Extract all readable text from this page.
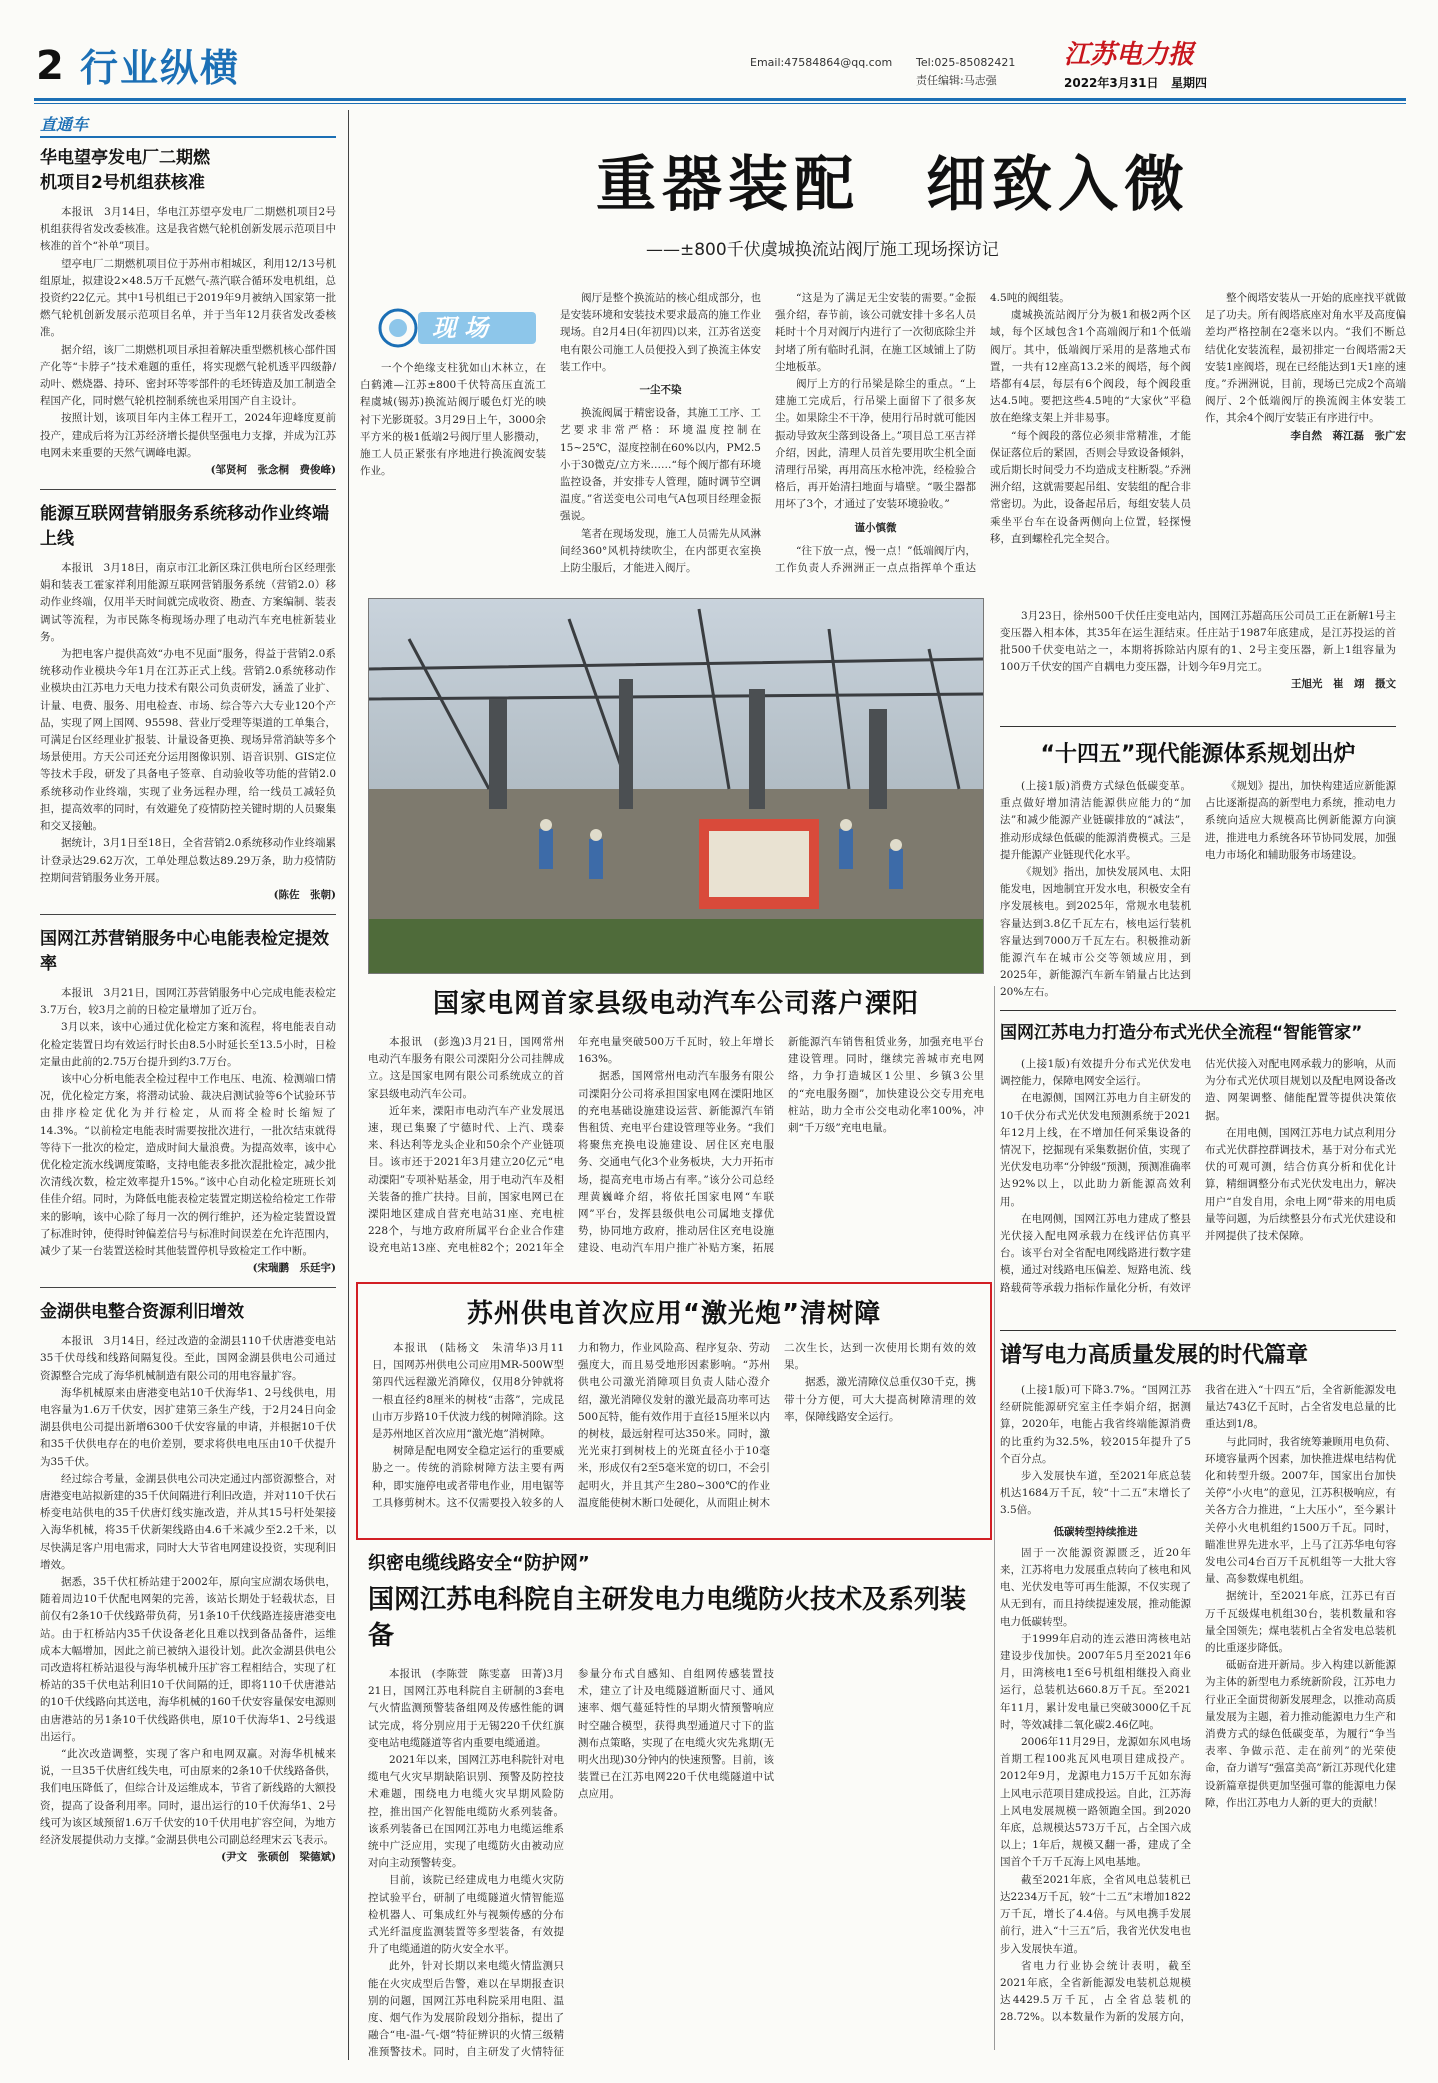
2 行业纵横	Email:47584864@qq.com Tel:025-85082421
责任编辑:马志强
江苏电力报
2022年3月31日 星期四
直通车
华电望亭发电厂二期燃机项目2号机组获核准

本报讯　3月14日，华电江苏望亭发电厂二期燃机项目2号机组获得省发改委核准。这是我省燃气轮机创新发展示范项目中核准的首个“补单”项目。

望亭电厂二期燃机项目位于苏州市相城区，利用12/13号机组原址，拟建设2×48.5万千瓦燃气-蒸汽联合循环发电机组，总投资约22亿元。其中1号机组已于2019年9月被纳入国家第一批燃气轮机创新发展示范项目名单，并于当年12月获省发改委核准。

据介绍，该厂二期燃机项目承担着解决重型燃机核心部件国产化等“卡脖子”技术难题的重任，将实现燃气轮机透平四级静/动叶、燃烧器、持环、密封环等零部件的毛坯铸造及加工制造全程国产化，同时燃气轮机控制系统也采用国产自主设计。

按照计划，该项目年内主体工程开工，2024年迎峰度夏前投产，建成后将为江苏经济增长提供坚强电力支撑，并成为江苏电网未来重要的天然气调峰电源。

(邹贤柯　张念桐　费俊峰)
能源互联网营销服务系统移动作业终端上线

本报讯　3月18日，南京市江北新区珠江供电所台区经理张娟和装表工霍家祥利用能源互联网营销服务系统（营销2.0）移动作业终端，仅用半天时间就完成收资、勘查、方案编制、装表调试等流程，为市民陈冬梅现场办理了电动汽车充电桩新装业务。

为把电客户提供高效“办电不见面”服务，得益于营销2.0系统移动作业模块今年1月在江苏正式上线。营销2.0系统移动作业模块由江苏电力天电力技术有限公司负责研发，涵盖了业扩、计量、电费、服务、用电检查、市场、综合等六大专业120个产品，实现了网上国网、95598、营业厅受理等渠道的工单集合，可满足台区经理业扩报装、计量设备更换、现场异常消缺等多个场景使用。方天公司还充分运用图像识别、语音识别、GIS定位等技术手段，研发了具备电子签章、自动验收等功能的营销2.0系统移动作业终端，实现了业务远程办理，给一线员工减轻负担，提高效率的同时，有效避免了疫情防控关键时期的人员聚集和交叉接触。

据统计，3月1日至18日，全省营销2.0系统移动作业终端累计登录达29.62万次，工单处理总数达89.29万条，助力疫情防控期间营销服务业务开展。

(陈佐　张朝)
国网江苏营销服务中心电能表检定提效率

本报讯　3月21日，国网江苏营销服务中心完成电能表检定3.7万台，较3月之前的日检定量增加了近万台。

3月以来，该中心通过优化检定方案和流程，将电能表自动化检定装置日均有效运行时长由8.5小时延长至13.5小时，日检定量由此前的2.75万台提升到约3.7万台。

该中心分析电能表全检过程中工作电压、电流、检测端口情况，优化检定方案，将潜动试验、裁决启测试验等6个试验环节由排序检定优化为并行检定，从而将全检时长缩短了14.3%。“以前检定电能表时需要按批次进行，一批次结束就得等待下一批次的检定，造成时间大量浪费。为提高效率，该中心优化检定流水线调度策略，支持电能表多批次混批检定，减少批次清线次数，检定效率提升15%。”该中心自动化检定班班长刘佳佳介绍。同时，为降低电能表检定装置定期送检给检定工作带来的影响，该中心除了每月一次的例行维护，还为检定装置设置了标准时钟，使得时钟偏差信号与标准时间误差在允许范围内，减少了某一台装置送检时其他装置停机导致检定工作中断。

(宋瑞鹏　乐廷宇)
金湖供电整合资源利旧增效

本报讯　3月14日，经过改造的金湖县110千伏唐港变电站35千伏母线和线路间隔复役。至此，国网金湖县供电公司通过资源整合完成了海华机械制造有限公司的用电容量扩容。

海华机械原来由唐港变电站10千伏海华1、2号线供电，用电容量为1.6万千伏安，因扩建第三条生产线，于2月24日向金湖县供电公司提出新增6300千伏安容量的申请，并根据10千伏和35千伏供电存在的电价差别，要求将供电电压由10千伏提升为35千伏。

经过综合考量，金湖县供电公司决定通过内部资源整合，对唐港变电站拟新建的35千伏间隔进行利旧改造，并对110千伏石桥变电站供电的35千伏唐灯线实施改造，并从其15号杆处架接入海华机械，将35千伏新架线路由4.6千米减少至2.2千米，以尽快满足客户用电需求，同时大大节省电网建设投资，实现利旧增效。

据悉，35千伏杠桥站建于2002年，原向宝应湖农场供电，随着周边10千伏配电网架的完善，该站长期处于轻载状态，目前仅有2条10千伏线路带负荷，另1条10千伏线路连接唐港变电站。由于杠桥站内35千伏设备老化且难以找到备品备件，运维成本大幅增加，因此之前已被纳入退役计划。此次金湖县供电公司改造将杠桥站退役与海华机械升压扩容工程相结合，实现了杠桥站的35千伏电站利旧10千伏间隔的迁，即将110千伏唐港站的10千伏线路向其送电，海华机械的160千伏安容量保安电源则由唐港站的另1条10千伏线路供电，原10千伏海华1、2号线退出运行。

“此次改造调整，实现了客户和电网双赢。对海华机械来说，一旦35千伏唐红线失电，可由原来的2条10千伏线路备供，我们电压降低了，但综合计及运维成本，节省了新线路的大额投资，提高了设备利用率。同时，退出运行的10千伏海华1、2号线可为该区域预留1.6万千伏安的10千伏用电扩容空间，为地方经济发展提供动力支撑。”金湖县供电公司副总经理宋云飞表示。

(尹文　张硕创　梁德斌)
重器装配　细致入微
——±800千伏虞城换流站阀厅施工现场探访记
现场
一个个绝缘支柱犹如山木林立，在白鹤滩—江苏±800千伏特高压直流工程虞城(锡苏)换流站阀厅暖色灯光的映衬下光影斑驳。3月29日上午，3000余平方米的极1低端2号阀厅里人影攒动，施工人员正紧张有序地进行换流阀安装作业。

阀厅是整个换流站的核心组成部分，也是安装环境和安装技术要求最高的施工作业现场。自2月4日(年初四)以来，江苏省送变电有限公司施工人员便投入到了换流主体安装工作中。

一尘不染

换流阀属于精密设备，其施工工序、工艺要求非常严格：环境温度控制在15~25℃，湿度控制在60%以内，PM2.5小于30微克/立方米……“每个阀厅都有环境监控设备，并安排专人管理，随时调节空调温度。”省送变电公司电气A包项目经理金振强说。

笔者在现场发现，施工人员需先从风淋间经360°风机持续吹尘，在内部更衣室换上防尘服后，才能进入阀厅。

“这是为了满足无尘安装的需要。”金振强介绍，春节前，该公司就安排十多名人员耗时十个月对阀厅内进行了一次彻底除尘并封堵了所有临时孔洞，在施工区域铺上了防尘地板革。

阀厅上方的行吊梁是除尘的重点。“上建施工完成后，行吊梁上面留下了很多灰尘。如果除尘不干净，使用行吊时就可能因振动导致灰尘落到设备上。”项目总工巫吉祥介绍，因此，清理人员首先要用吹尘机全面清理行吊梁，再用高压水枪冲洗，经检验合格后，再开始清扫地面与墙壁。“吸尘器都用坏了3个，才通过了安装环境验收。”

谨小慎微

“往下放一点，慢一点！”低端阀厅内，工作负责人乔洲洲正一点点指挥单个重达4.5吨的阀组装。

虞城换流站阀厅分为极1和极2两个区域，每个区域包含1个高端阀厅和1个低端阀厅。其中，低端阀厅采用的是落地式布置，一共有12座高13.2米的阀塔，每个阀塔都有4层，每层有6个阀段，每个阀段重达4.5吨。要把这些4.5吨的“大家伙”平稳放在绝缘支架上并非易事。

“每个阀段的落位必须非常精准，才能保证落位后的紧固，否则会导致设备倾斜，或后期长时间受力不均造成支柱断裂。”乔洲洲介绍，这就需要起吊组、安装组的配合非常密切。为此，设备起吊后，每组安装人员乘坐平台车在设备两侧向上位置，轻探慢移，直到螺栓孔完全契合。

整个阀塔安装从一开始的底座找平就做足了功夫。所有阀塔底座对角水平及高度偏差均严格控制在2毫米以内。“我们不断总结优化安装流程，最初排定一台阀塔需2天安装1座阀塔，现在已经能达到1天1座的速度。”乔洲洲说，目前，现场已完成2个高端阀厅、2个低端阀厅的换流阀主体安装工作，其余4个阀厅安装正有序进行中。

李自然　蒋江磊　张广宏

3月23日，徐州500千伏任庄变电站内，国网江苏超高压公司员工正在新解1号主变压器入相本体，其35年在运生涯结束。任庄站于1987年底建成，是江苏投运的首批500千伏变电站之一，本期将拆除站内原有的1、2号主变压器，新上1组容量为100万千伏安的国产自耦电力变压器，计划今年9月完工。
王旭光　崔　翊　摄文
“十四五”现代能源体系规划出炉

(上接1版)消费方式绿色低碳变革。重点做好增加清洁能源供应能力的“加法”和减少能源产业链碳排放的“减法”，推动形成绿色低碳的能源消费模式。三是提升能源产业链现代化水平。

《规划》指出，加快发展风电、太阳能发电，因地制宜开发水电，积极安全有序发展核电。到2025年，常规水电装机容量达到3.8亿千瓦左右，核电运行装机容量达到7000万千瓦左右。积极推动新能源汽车在城市公交等领域应用，到2025年，新能源汽车新车销量占比达到20%左右。

《规划》提出，加快构建适应新能源占比逐渐提高的新型电力系统，推动电力系统向适应大规模高比例新能源方向演进，推进电力系统各环节协同发展，加强电力市场化和辅助服务市场建设。

国家电网首家县级电动汽车公司落户溧阳

本报讯　(彭逸)3月21日，国网常州电动汽车服务有限公司溧阳分公司挂牌成立。这是国家电网有限公司系统成立的首家县级电动汽车公司。

近年来，溧阳市电动汽车产业发展迅速，现已集聚了宁德时代、上汽、璞泰来、科达利等龙头企业和50余个产业链项目。该市还于2021年3月建立20亿元“电动溧阳”专项补贴基金，用于电动汽车及相关装备的推广扶持。目前，国家电网已在溧阳地区建成自营充电站31座、充电桩228个，与地方政府所属平台企业合作建设充电站13座、充电桩82个；2021年全年充电量突破500万千瓦时，较上年增长163%。

据悉，国网常州电动汽车服务有限公司溧阳分公司将承担国家电网在溧阳地区的充电基础设施建设运营、新能源汽车销售租赁、充电平台建设管理等业务。“我们将聚焦充换电设施建设、居住区充电服务、交通电气化3个业务板块，大力开拓市场，提高充电市场占有率。”该分公司总经理黄巍峰介绍，将依托国家电网“车联网”平台，发挥县级供电公司属地支撑优势，协同地方政府，推动居住区充电设施建设、电动汽车用户推广补贴方案，拓展新能源汽车销售租赁业务，加强充电平台建设管理。同时，继续完善城市充电网络，力争打造城区1公里、乡镇3公里的“充电服务圈”，加快建设公交专用充电桩站，助力全市公交电动化率100%，冲刺“千万级”充电电量。

国网江苏电力打造分布式光伏全流程“智能管家”

(上接1版)有效提升分布式光伏发电调控能力，保障电网安全运行。

在电源侧，国网江苏电力自主研发的10千伏分布式光伏发电预测系统于2021年12月上线，在不增加任何采集设备的情况下，挖掘现有采集数据价值，实现了光伏发电功率“分钟级”预测，预测准确率达92%以上，以此助力新能源高效利用。

在电网侧，国网江苏电力建成了整县光伏接入配电网承载力在线评估仿真平台。该平台对全省配电网线路进行数字建模，通过对线路电压偏差、短路电流、线路载荷等承载力指标作量化分析，有效评估光伏接入对配电网承载力的影响，从而为分布式光伏项目规划以及配电网设备改造、网架调整、储能配置等提供决策依据。

在用电侧，国网江苏电力试点利用分布式光伏群控群调技术，基于对分布式光伏的可观可测，结合仿真分析和优化计算，精细调整分布式光伏发电出力，解决用户“自发自用，余电上网”带来的用电质量等问题，为后续整县分布式光伏建设和并网提供了技术保障。

苏州供电首次应用“激光炮”清树障

本报讯　(陆杨文　朱清华)3月11日，国网苏州供电公司应用MR-500W型第四代远程激光消障仪，仅用8分钟就将一根直径约8厘米的树枝“击落”，完成昆山市万步路10千伏波力线的树障消除。这是苏州地区首次应用“激光炮”消树障。

树障是配电网安全稳定运行的重要威胁之一。传统的消除树障方法主要有两种，即实施停电或者带电作业，用电锯等工具修剪树木。这不仅需要投入较多的人力和物力，作业风险高、程序复杂、劳动强度大，而且易受地形因素影响。“苏州供电公司激光消障项目负责人陆心澄介绍，激光消障仪发射的激光最高功率可达500瓦特，能有效作用于直径15厘米以内的树枝，最远射程可达350米。同时，激光光束打到树枝上的光斑直径小于10毫米，形成仅有2至5毫米宽的切口，不会引起明火，并且其产生280~300℃的作业温度能使树木断口处硬化，从而阻止树木二次生长，达到一次使用长期有效的效果。

据悉，激光清障仪总重仅30千克，携带十分方便，可大大提高树障清理的效率，保障线路安全运行。

谱写电力高质量发展的时代篇章

(上接1版)可下降3.7%。“国网江苏经研院能源研究室主任李娟介绍，据测算，2020年，电能占我省终端能源消费的比重约为32.5%，较2015年提升了5个百分点。

步入发展快车道，至2021年底总装机达1684万千瓦，较“十二五”末增长了3.5倍。

低碳转型持续推进

固于一次能源资源匮乏，近20年来，江苏将电力发展重点转向了核电和风电、光伏发电等可再生能源，不仅实现了从无到有，而且持续提速发展，推动能源电力低碳转型。

于1999年启动的连云港田湾核电站建设步伐加快。2007年5月至2021年6月，田湾核电1至6号机组相继投入商业运行，总装机达660.8万千瓦。至2021年11月，累计发电量已突破3000亿千瓦时，等效减排二氧化碳2.46亿吨。

2006年11月29日，龙源如东风电场首期工程100兆瓦风电项目建成投产。2012年9月，龙源电力15万千瓦如东海上风电示范项目建成投运。自此，江苏海上风电发展规模一路领跑全国。到2020年底，总规模达573万千瓦，占全国六成以上；1年后，规模又翻一番，建成了全国首个千万千瓦海上风电基地。

截至2021年底，全省风电总装机已达2234万千瓦，较“十二五”末增加1822万千瓦，增长了4.4倍。与风电携手发展前行，进入“十三五”后，我省光伏发电也步入发展快车道。

省电力行业协会统计表明，截至2021年底，全省新能源发电装机总规模达4429.5万千瓦，占全省总装机的28.72%。以本数量作为新的发展方向，我省在进入“十四五”后，全省新能源发电量达743亿千瓦时，占全省发电总量的比重达到1/8。

与此同时，我省统筹兼顾用电负荷、环境容量两个因素，加快推进煤电结构优化和转型升级。2007年，国家出台加快关停“小火电”的意见，江苏积极响应，有关各方合力推进，“上大压小”，至今累计关停小火电机组约1500万千瓦。同时，瞄准世界先进水平，上马了江苏华电句容发电公司4台百万千瓦机组等一大批大容量、高参数煤电机组。

据统计，至2021年底，江苏已有百万千瓦级煤电机组30台，装机数量和容量全国领先；煤电装机占全省发电总装机的比重逐步降低。

砥砺奋进开新局。步入构建以新能源为主体的新型电力系统新阶段，江苏电力行业正全面贯彻新发展理念，以推动高质量发展为主题，着力推动能源电力生产和消费方式的绿色低碳变革，为履行“争当表率、争做示范、走在前列”的光荣使命，奋力谱写“强富美高”新江苏现代化建设新篇章提供更加坚强可靠的能源电力保障，作出江苏电力人新的更大的贡献！

织密电缆线路安全“防护网”
国网江苏电科院自主研发电力电缆防火技术及系列装备

本报讯　(李陈萱　陈雯嘉　田菁)3月21日，国网江苏电科院自主研制的3套电气火情监测预警装备组网及传感性能的调试完成，将分别应用于无锡220千伏红旗变电站电缆隧道等省内重要电缆通道。

2021年以来，国网江苏电科院针对电缆电气火灾早期缺陷识别、预警及防控技术难题，围绕电力电缆火灾早期风险防控，推出国产化智能电缆防火系列装备。该系列装备已在国网江苏电力电缆运维系统中广泛应用，实现了电缆防火由被动应对向主动预警转变。

目前，该院已经建成电力电缆火灾防控试验平台，研制了电缆隧道火情智能巡检机器人、可集成红外与视频传感的分布式光纤温度监测装置等多型装备，有效提升了电缆通道的防火安全水平。

此外，针对长期以来电缆火情监测只能在火灾成型后告警，难以在早期报查识别的问题，国网江苏电科院采用电阻、温度、烟气作为发展阶段划分指标，提出了融合“电-温-气-烟”特征辨识的火情三级精准预警技术。同时，自主研发了火情特征参量分布式自感知、自组网传感装置技术，建立了计及电缆隧道断面尺寸、通风速率、烟气蔓延特性的早期火情预警响应时空融合模型，获得典型通道尺寸下的监测布点策略，实现了在电缆火灾先兆期(无明火出现)30分钟内的快速预警。目前，该装置已在江苏电网220千伏电缆隧道中试点应用。
